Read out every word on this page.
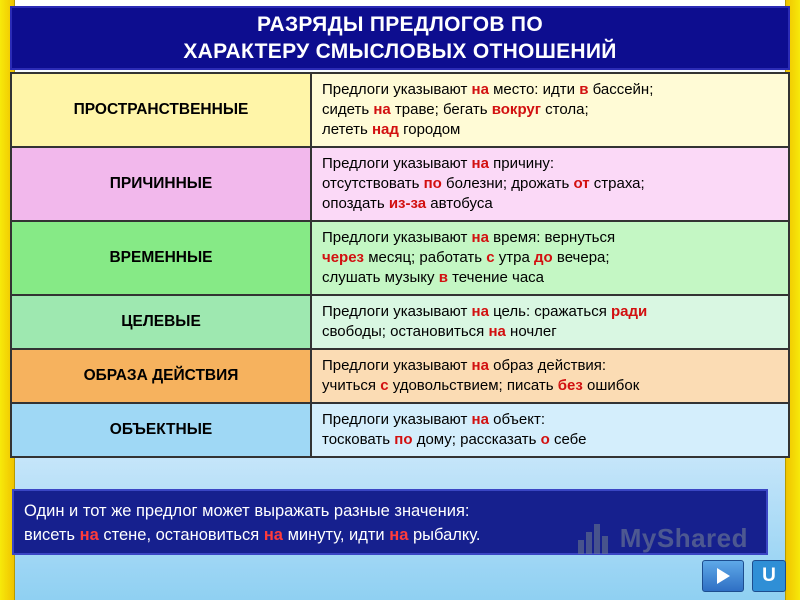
РАЗРЯДЫ ПРЕДЛОГОВ ПО
ХАРАКТЕРУ СМЫСЛОВЫХ ОТНОШЕНИЙ
ПРОСТРАНСТВЕННЫЕ
Предлоги указывают на место: идти в бассейн;
сидеть на траве; бегать вокруг стола;
лететь над городом
ПРИЧИННЫЕ
Предлоги указывают на причину:
отсутствовать по болезни; дрожать от страха;
опоздать из-за автобуса
ВРЕМЕННЫЕ
Предлоги указывают на время: вернуться
через месяц; работать с утра до вечера;
слушать музыку в течение часа
ЦЕЛЕВЫЕ
Предлоги указывают на цель: сражаться ради
свободы; остановиться на ночлег
ОБРАЗА ДЕЙСТВИЯ
Предлоги указывают на образ действия:
учиться с удовольствием; писать без ошибок
ОБЪЕКТНЫЕ
Предлоги указывают на объект:
тосковать по дому; рассказать о себе
Один и тот же предлог может выражать разные значения:
висеть на стене, остановиться на минуту, идти на рыбалку.	MyShared
U
